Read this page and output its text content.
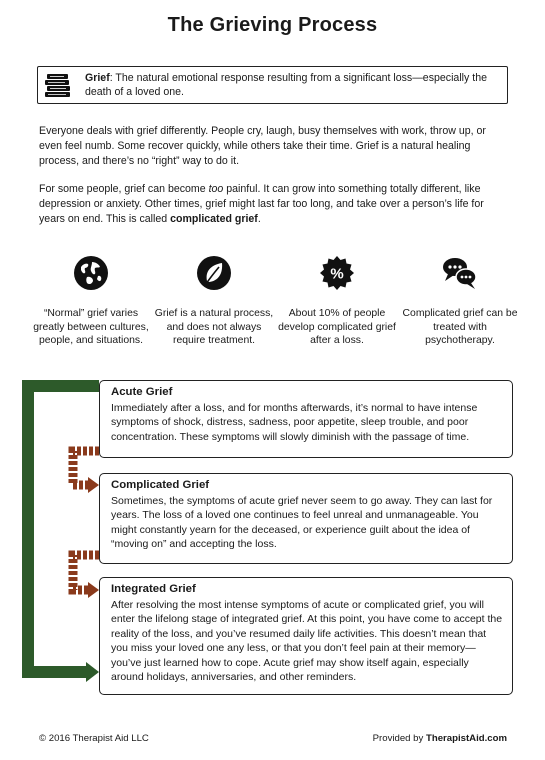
The Grieving Process
Grief: The natural emotional response resulting from a significant loss—especially the death of a loved one.
Everyone deals with grief differently. People cry, laugh, busy themselves with work, throw up, or even feel numb. Some recover quickly, while others take their time. Grief is a natural healing process, and there’s no “right” way to do it.
For some people, grief can become too painful. It can grow into something totally different, like depression or anxiety. Other times, grief might last far too long, and take over a person’s life for years on end. This is called complicated grief.
“Normal” grief varies greatly between cultures, people, and situations.
Grief is a natural process, and does not always require treatment.
%
About 10% of people develop complicated grief after a loss.
Complicated grief can be treated with psychotherapy.
Normal Grief Process
Acute Grief

Immediately after a loss, and for months afterwards, it’s normal to have intense symptoms of shock, distress, sadness, poor appetite, sleep trouble, and poor concentration. These symptoms will slowly diminish with the passage of time.

Complicated Grief

Sometimes, the symptoms of acute grief never seem to go away. They can last for years. The loss of a loved one continues to feel unreal and unmanageable. You might constantly yearn for the deceased, or experience guilt about the idea of “moving on” and accepting the loss.

Integrated Grief

After resolving the most intense symptoms of acute or complicated grief, you will enter the lifelong stage of integrated grief. At this point, you have come to accept the reality of the loss, and you’ve resumed daily life activities. This doesn’t mean that you miss your loved one any less, or that you don’t feel pain at their memory—you’ve just learned how to cope. Acute grief may show itself again, especially around holidays, anniversaries, and other reminders.

© 2016 Therapist Aid LLC	Provided by TherapistAid.com
